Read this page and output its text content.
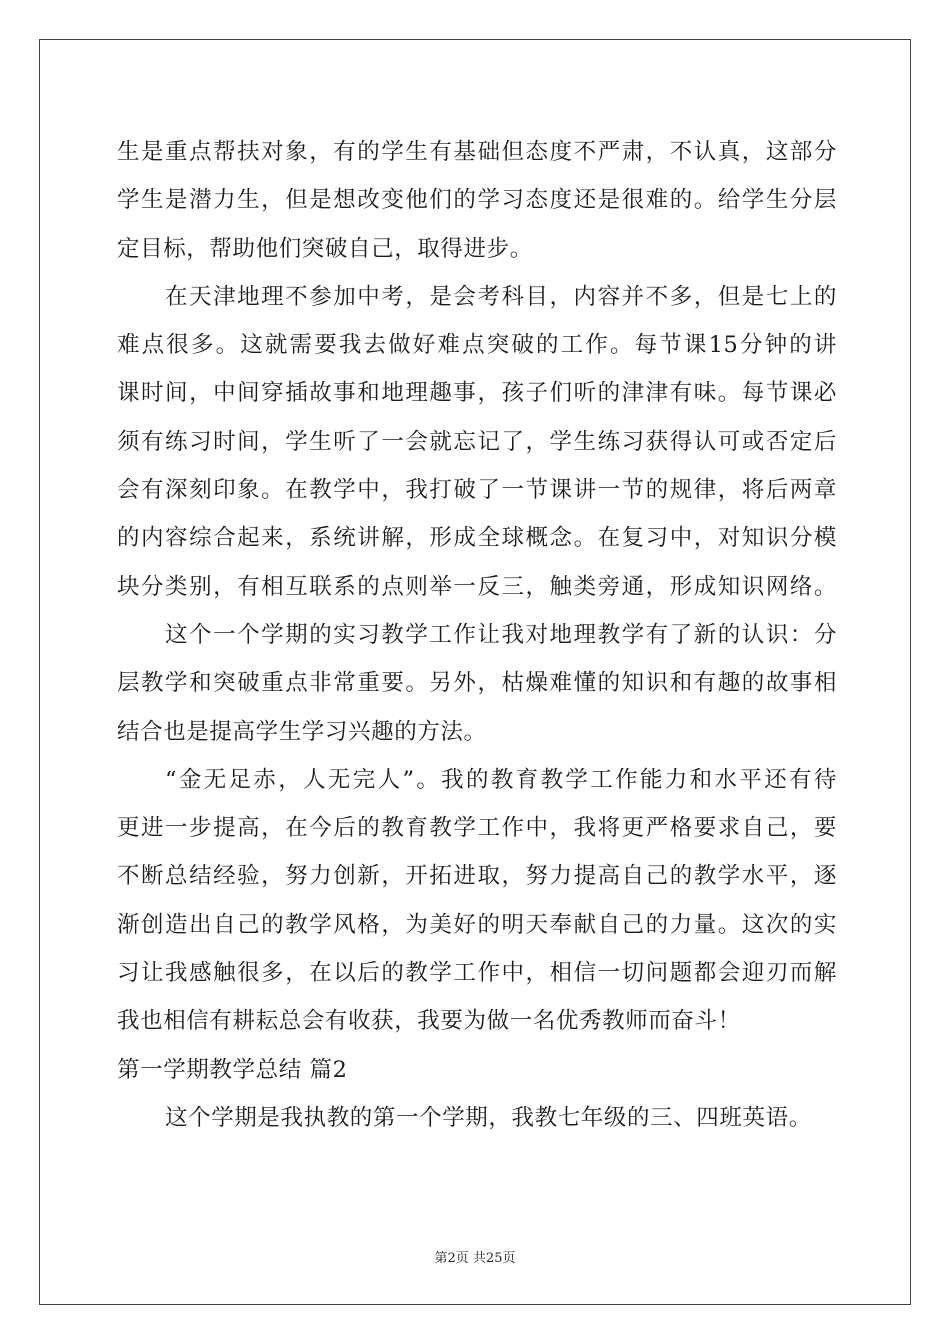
生是重点帮扶对象，有的学生有基础但态度不严肃，不认真，这部分
学生是潜力生，但是想改变他们的学习态度还是很难的。给学生分层
定目标，帮助他们突破自己，取得进步。
在天津地理不参加中考，是会考科目，内容并不多，但是七上的
难点很多。这就需要我去做好难点突破的工作。每节课15分钟的讲
课时间，中间穿插故事和地理趣事，孩子们听的津津有味。每节课必
须有练习时间，学生听了一会就忘记了，学生练习获得认可或否定后
会有深刻印象。在教学中，我打破了一节课讲一节的规律，将后两章
的内容综合起来，系统讲解，形成全球概念。在复习中，对知识分模
块分类别，有相互联系的点则举一反三，触类旁通，形成知识网络。
这个一个学期的实习教学工作让我对地理教学有了新的认识：分
层教学和突破重点非常重要。另外，枯燥难懂的知识和有趣的故事相
结合也是提高学生学习兴趣的方法。
“金无足赤，人无完人”。我的教育教学工作能力和水平还有待
更进一步提高，在今后的教育教学工作中，我将更严格要求自己，要
不断总结经验，努力创新，开拓进取，努力提高自己的教学水平，逐
渐创造出自己的教学风格，为美好的明天奉献自己的力量。这次的实
习让我感触很多，在以后的教学工作中，相信一切问题都会迎刃而解
我也相信有耕耘总会有收获，我要为做一名优秀教师而奋斗！
第一学期教学总结 篇2
这个学期是我执教的第一个学期，我教七年级的三、四班英语。
第2页 共25页
